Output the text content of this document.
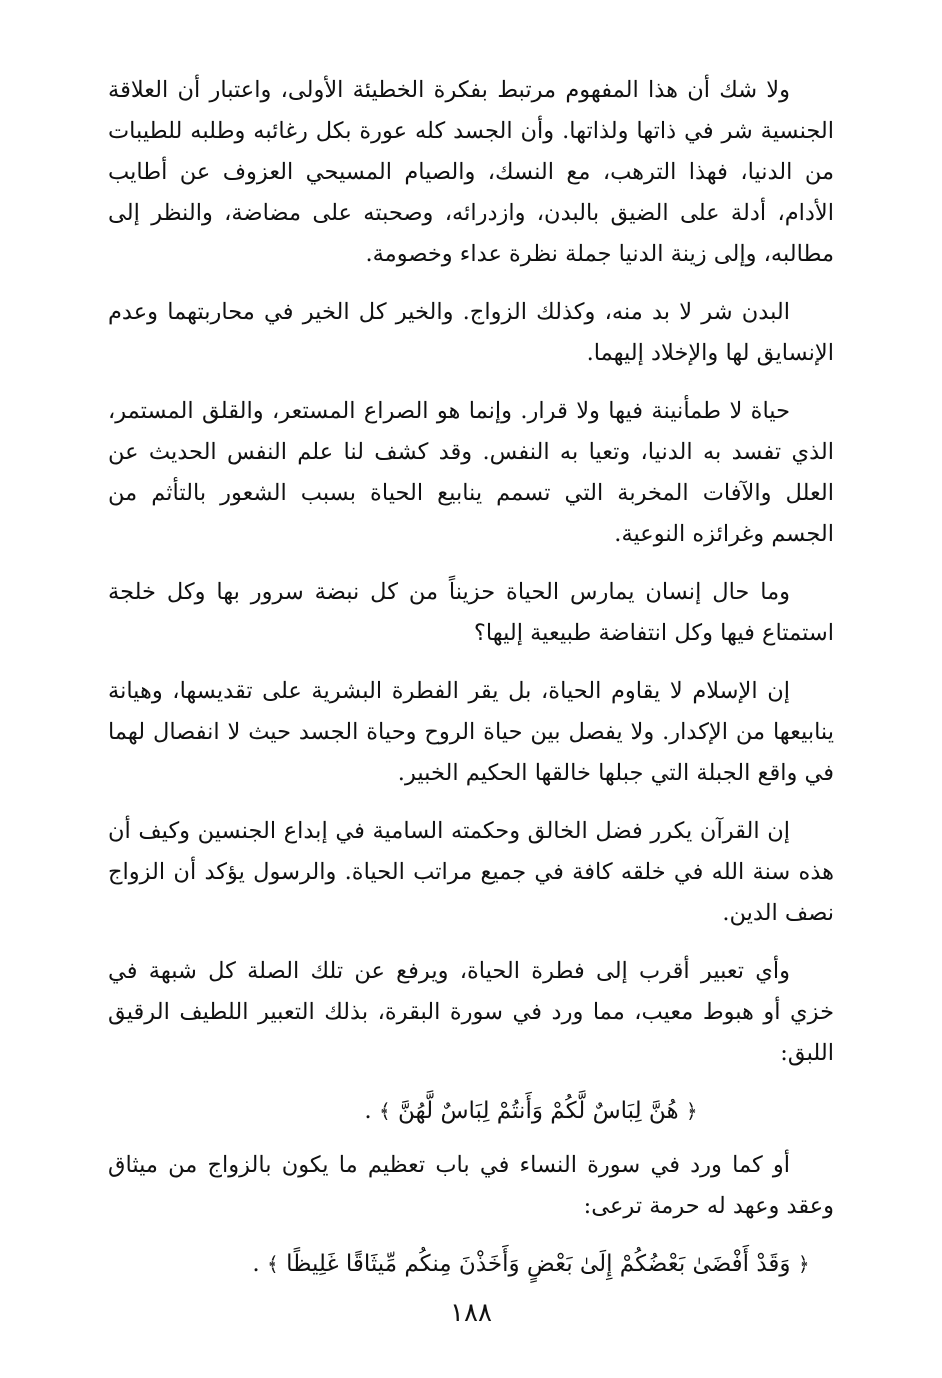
ولا شك أن هذا المفهوم مرتبط بفكرة الخطيئة الأولى، واعتبار أن العلاقة الجنسية شر في ذاتها ولذاتها. وأن الجسد كله عورة بكل رغائبه وطلبه للطيبات من الدنيا، فهذا الترهب، مع النسك، والصيام المسيحي العزوف عن أطايب الأدام، أدلة على الضيق بالبدن، وازدرائه، وصحبته على مضاضة، والنظر إلى مطالبه، وإلى زينة الدنيا جملة نظرة عداء وخصومة.

البدن شر لا بد منه، وكذلك الزواج. والخير كل الخير في محاربتهما وعدم الإنسايق لها والإخلاد إليهما.

حياة لا طمأنينة فيها ولا قرار. وإنما هو الصراع المستعر، والقلق المستمر، الذي تفسد به الدنيا، وتعيا به النفس. وقد كشف لنا علم النفس الحديث عن العلل والآفات المخربة التي تسمم ينابيع الحياة بسبب الشعور بالتأثم من الجسم وغرائزه النوعية.

وما حال إنسان يمارس الحياة حزيناً من كل نبضة سرور بها وكل خلجة استمتاع فيها وكل انتفاضة طبيعية إليها؟

إن الإسلام لا يقاوم الحياة، بل يقر الفطرة البشرية على تقديسها، وهيانة ينابيعها من الإكدار. ولا يفصل بين حياة الروح وحياة الجسد حيث لا انفصال لهما في واقع الجبلة التي جبلها خالقها الحكيم الخبير.

إن القرآن يكرر فضل الخالق وحكمته السامية في إبداع الجنسين وكيف أن هذه سنة الله في خلقه كافة في جميع مراتب الحياة. والرسول يؤكد أن الزواج نصف الدين.

وأي تعبير أقرب إلى فطرة الحياة، ويرفع عن تلك الصلة كل شبهة في خزي أو هبوط معيب، مما ورد في سورة البقرة، بذلك التعبير اللطيف الرقيق اللبق:

﴿ هُنَّ لِبَاسٌ لَّكُمْ وَأَنتُمْ لِبَاسٌ لَّهُنَّ ﴾ .

أو كما ورد في سورة النساء في باب تعظيم ما يكون بالزواج من ميثاق وعقد وعهد له حرمة ترعى:

﴿ وَقَدْ أَفْضَىٰ بَعْضُكُمْ إِلَىٰ بَعْضٍ وَأَخَذْنَ مِنكُم مِّيثَاقًا غَلِيظًا ﴾ .
١٨٨
